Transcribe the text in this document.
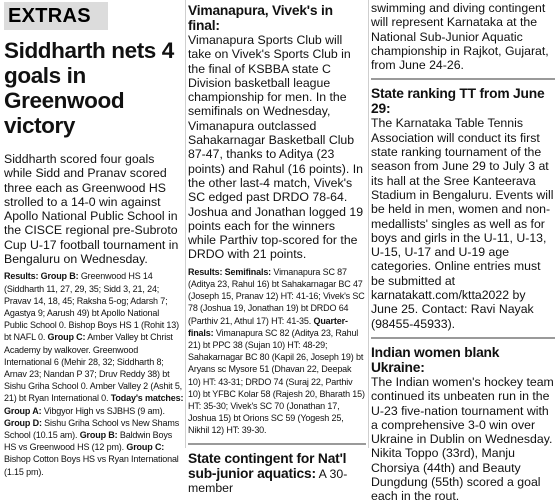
EXTRAS
Siddharth nets 4 goals in Greenwood victory

Siddharth scored four goals while Sidd and Pranav scored three each as Greenwood HS strolled to a 14-0 win against Apollo National Public School in the CISCE regional pre-Subroto Cup U-17 football tournament in Bengaluru on Wednesday.

Results: Group B: Greenwood HS 14 (Siddharth 11, 27, 29, 35; Sidd 3, 21, 24; Pravav 14, 18, 45; Raksha 5-og; Adarsh 7; Agastya 9; Aarush 49) bt Apollo National Public School 0. Bishop Boys HS 1 (Rohit 13) bt NAFL 0. Group C: Amber Valley bt Christ Academy by walkover. Greenwood International 6 (Mehir 28, 32; Siddharth 8; Arnav 23; Nandan P 37; Druv Reddy 38) bt Sishu Griha School 0. Amber Valley 2 (Ashit 5, 21) bt Ryan International 0. Today's matches: Group A: Vibgyor High vs SJBHS (9 am). Group D: Sishu Griha School vs New Shams School (10.15 am). Group B: Baldwin Boys HS vs Greenwood HS (12 pm). Group C: Bishop Cotton Boys HS vs Ryan International (1.15 pm).

Vimanapura, Vivek's in final:

Vimanapura Sports Club will take on Vivek's Sports Club in the final of KSBBA state C Division basketball league championship for men. In the semifinals on Wednesday, Vimanapura outclassed Sahakarnagar Basketball Club 87-47, thanks to Aditya (23 points) and Rahul (16 points). In the other last-4 match, Vivek's SC edged past DRDO 78-64. Joshua and Jonathan logged 19 points each for the winners while Parthiv top-scored for the DRDO with 21 points.

Results: Semifinals: Vimanapura SC 87 (Aditya 23, Rahul 16) bt Sahakarnagar BC 47 (Joseph 15, Pranav 12) HT: 41-16; Vivek's SC 78 (Joshua 19, Jonathan 19) bt DRDO 64 (Parthiv 21, Athul 17) HT: 41-35. Quarter-finals: Vimanapura SC 82 (Aditya 23, Rahul 21) bt PPC 38 (Sujan 10) HT: 48-29; Sahakarnagar BC 80 (Kapil 26, Joseph 19) bt Aryans sc Mysore 51 (Dhavan 22, Deepak 10) HT: 43-31; DRDO 74 (Suraj 22, Parthiv 10) bt YFBC Kolar 58 (Rajesh 20, Bharath 15) HT: 35-30; Vivek's SC 70 (Jonathan 17, Joshua 15) bt Orions SC 59 (Yogesh 25, Nikhil 12) HT: 39-30.

State contingent for Nat'l sub-junior aquatics: A 30-member

swimming and diving contingent will represent Karnataka at the National Sub-Junior Aquatic championship in Rajkot, Gujarat, from June 24-26.

State ranking TT from June 29:

The Karnataka Table Tennis Association will conduct its first state ranking tournament of the season from June 29 to July 3 at its hall at the Sree Kanteerava Stadium in Bengaluru. Events will be held in men, women and non-medallists' singles as well as for boys and girls in the U-11, U-13, U-15, U-17 and U-19 age categories. Online entries must be submitted at karnatakatt.com/ktta2022 by June 25. Contact: Ravi Nayak (98455-45933).

Indian women blank Ukraine:

The Indian women's hockey team continued its unbeaten run in the U-23 five-nation tournament with a comprehensive 3-0 win over Ukraine in Dublin on Wednesday. Nikita Toppo (33rd), Manju Chorsiya (44th) and Beauty Dungdung (55th) scored a goal each in the rout.
